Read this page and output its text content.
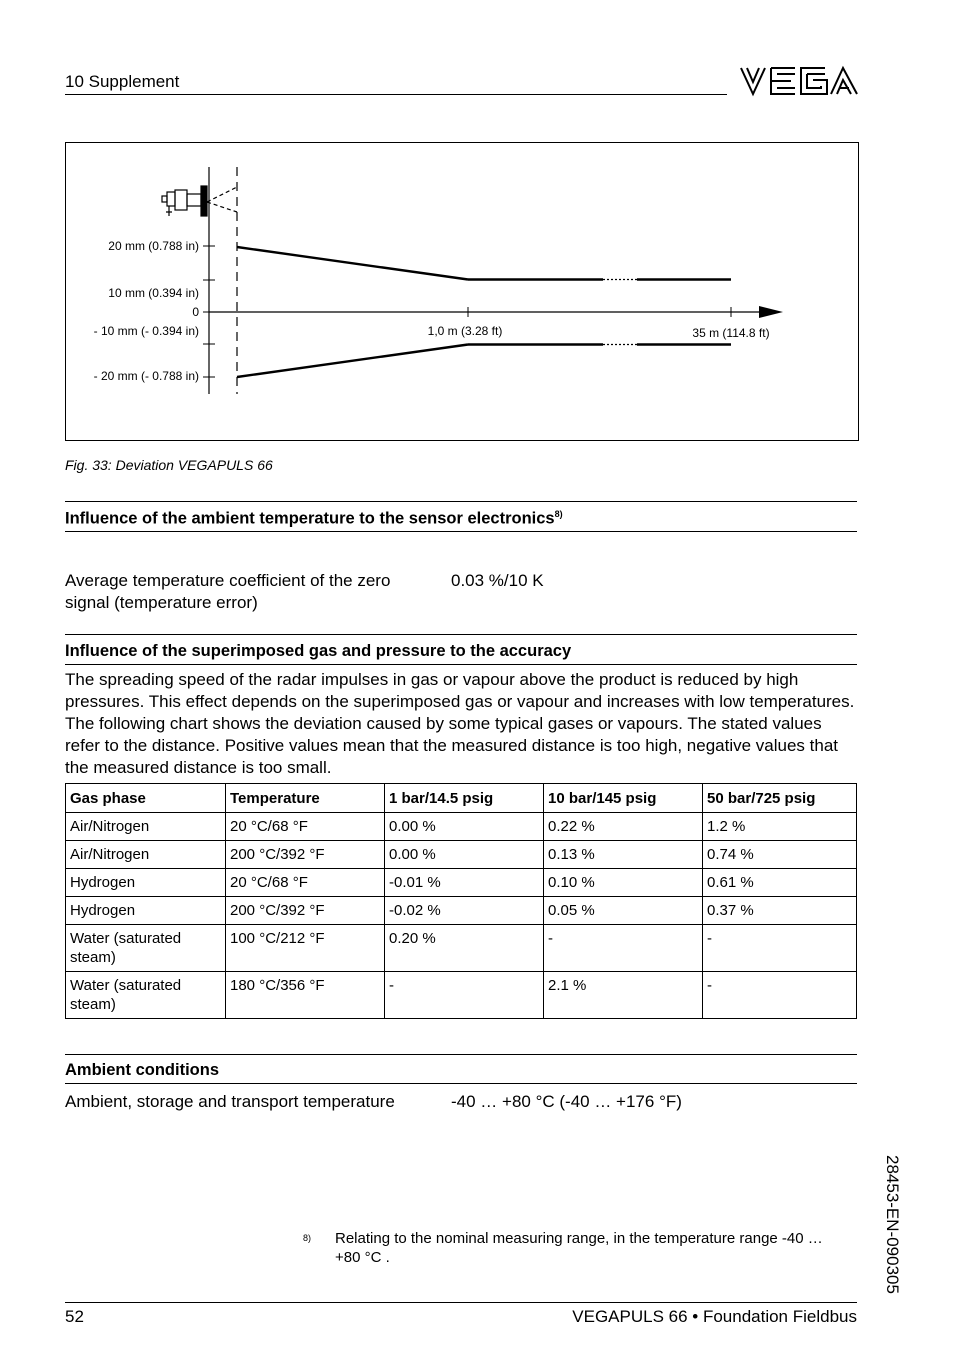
10 Supplement
20 mm (0.788 in)
10 mm (0.394 in)
0
- 10 mm (- 0.394 in)
- 20 mm (- 0.788 in)
1,0 m (3.28 ft)	35 m (114.8 ft)
Fig. 33: Deviation VEGAPULS 66
Influence of the ambient temperature to the sensor electronics$^{8)}$
Average temperature coefficient of the zero signal (temperature error)
0.03 %/10 K
Influence of the superimposed gas and pressure to the accuracy
The spreading speed of the radar impulses in gas or vapour above the product is reduced by high pressures. This effect depends on the superimposed gas or vapour and increases with low temperatures. The following chart shows the deviation caused by some typical gases or vapours. The stated values refer to the distance. Positive values mean that the measured distance is too high, negative values that the measured distance is too small.
Gas phase	Temperature	1 bar/14.5 psig	10 bar/145 psig	50 bar/725 psig
Air/Nitrogen	20 °C/68 °F	0.00 %	0.22 %	1.2 %
Air/Nitrogen	200 °C/392 °F	0.00 %	0.13 %	0.74 %
Hydrogen	20 °C/68 °F	-0.01 %	0.10 %	0.61 %
Hydrogen	200 °C/392 °F	-0.02 %	0.05 %	0.37 %
Water (saturated steam)	100 °C/212 °F	0.20 %	-	-
Water (saturated steam)	180 °C/356 °F	-	2.1 %	-
Ambient conditions
Ambient, storage and transport temperature	-40 … +80 °C (-40 … +176 °F)
28453-EN-090305
8) Relating to the nominal measuring range, in the temperature range -40 … +80 °C .
52	VEGAPULS 66 • Foundation Fieldbus
